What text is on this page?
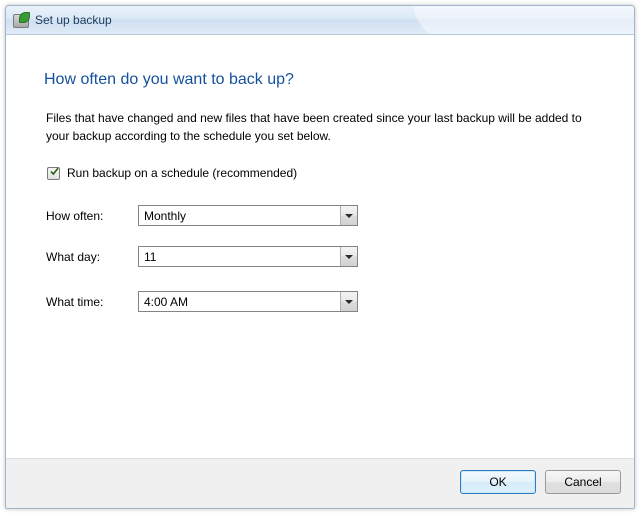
Set up backup
How often do you want to back up?
Files that have changed and new files that have been created since your last backup will be added to your backup according to the schedule you set below.
Run backup on a schedule (recommended)
How often:	Monthly
What day:	11
What time:	4:00 AM
OK	Cancel
